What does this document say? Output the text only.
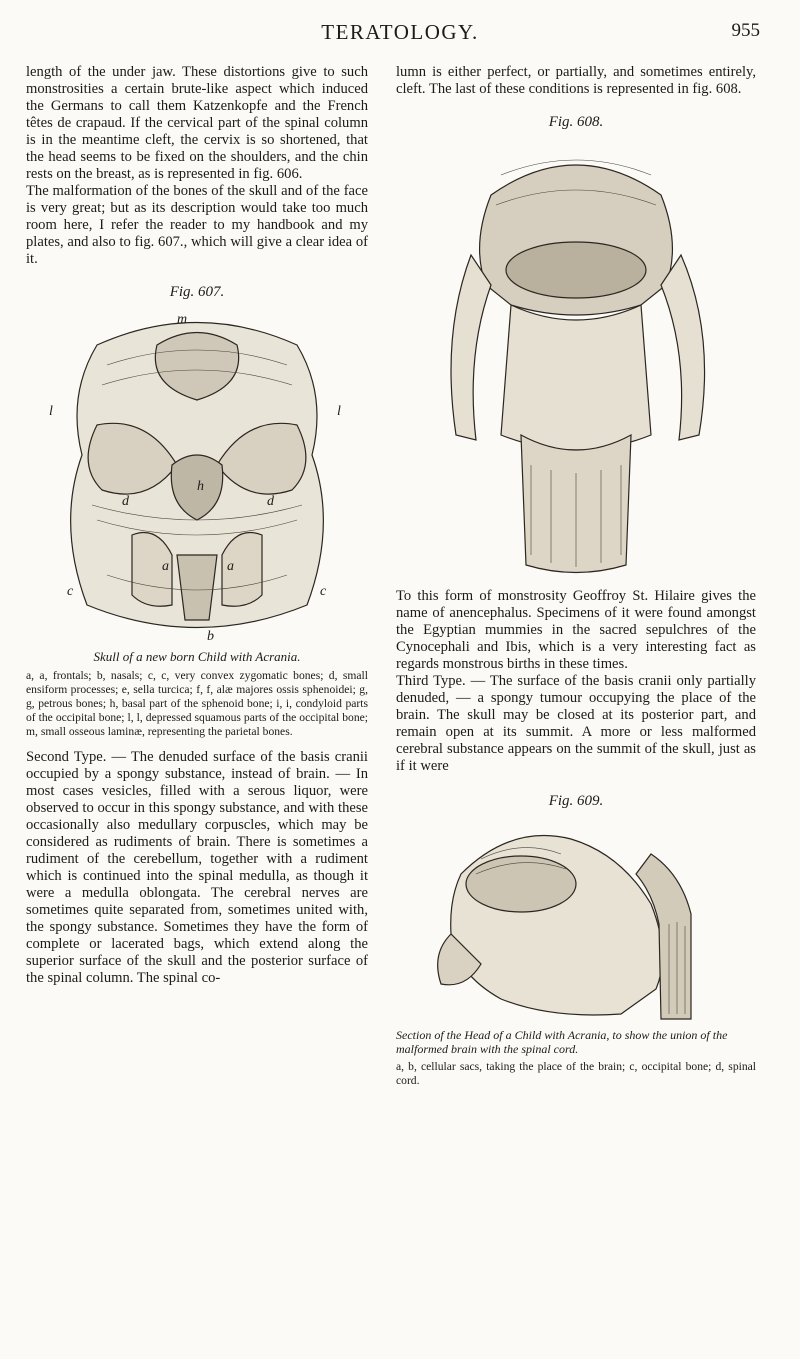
TERATOLOGY.	955

length of the under jaw. These distortions give to such monstrosities a certain brute-like aspect which induced the Germans to call them Katzenkopfe and the French têtes de crapaud. If the cervical part of the spinal column is in the meantime cleft, the cervix is so shortened, that the head seems to be fixed on the shoulders, and the chin rests on the breast, as is represented in fig. 606.

The malformation of the bones of the skull and of the face is very great; but as its description would take too much room here, I refer the reader to my handbook and my plates, and also to fig. 607., which will give a clear idea of it.

Fig. 607.
m
l	l
h
d	d
a	a
c	c
b
Skull of a new born Child with Acrania.
a, a, frontals; b, nasals; c, c, very convex zygomatic bones; d, small ensiform processes; e, sella turcica; f, f, alæ majores ossis sphenoidei; g, g, petrous bones; h, basal part of the sphenoid bone; i, i, condyloid parts of the occipital bone; l, l, depressed squamous parts of the occipital bone; m, small osseous laminæ, representing the parietal bones.

Second Type. — The denuded surface of the basis cranii occupied by a spongy substance, instead of brain. — In most cases vesicles, filled with a serous liquor, were observed to occur in this spongy substance, and with these occasionally also medullary corpuscles, which may be considered as rudiments of brain. There is sometimes a rudiment of the cerebellum, together with a rudiment which is continued into the spinal medulla, as though it were a medulla oblongata. The cerebral nerves are sometimes quite separated from, sometimes united with, the spongy substance. Sometimes they have the form of complete or lacerated bags, which extend along the superior surface of the skull and the posterior surface of the spinal column. The spinal co-

lumn is either perfect, or partially, and sometimes entirely, cleft. The last of these conditions is represented in fig. 608.

Fig. 608.

To this form of monstrosity Geoffroy St. Hilaire gives the name of anencephalus. Specimens of it were found amongst the Egyptian mummies in the sacred sepulchres of the Cynocephali and Ibis, which is a very interesting fact as regards monstrous births in these times.

Third Type. — The surface of the basis cranii only partially denuded, — a spongy tumour occupying the place of the brain. The skull may be closed at its posterior part, and remain open at its summit. A more or less malformed cerebral substance appears on the summit of the skull, just as if it were

Fig. 609.
Section of the Head of a Child with Acrania, to show the union of the malformed brain with the spinal cord.
a, b, cellular sacs, taking the place of the brain; c, occipital bone; d, spinal cord.
